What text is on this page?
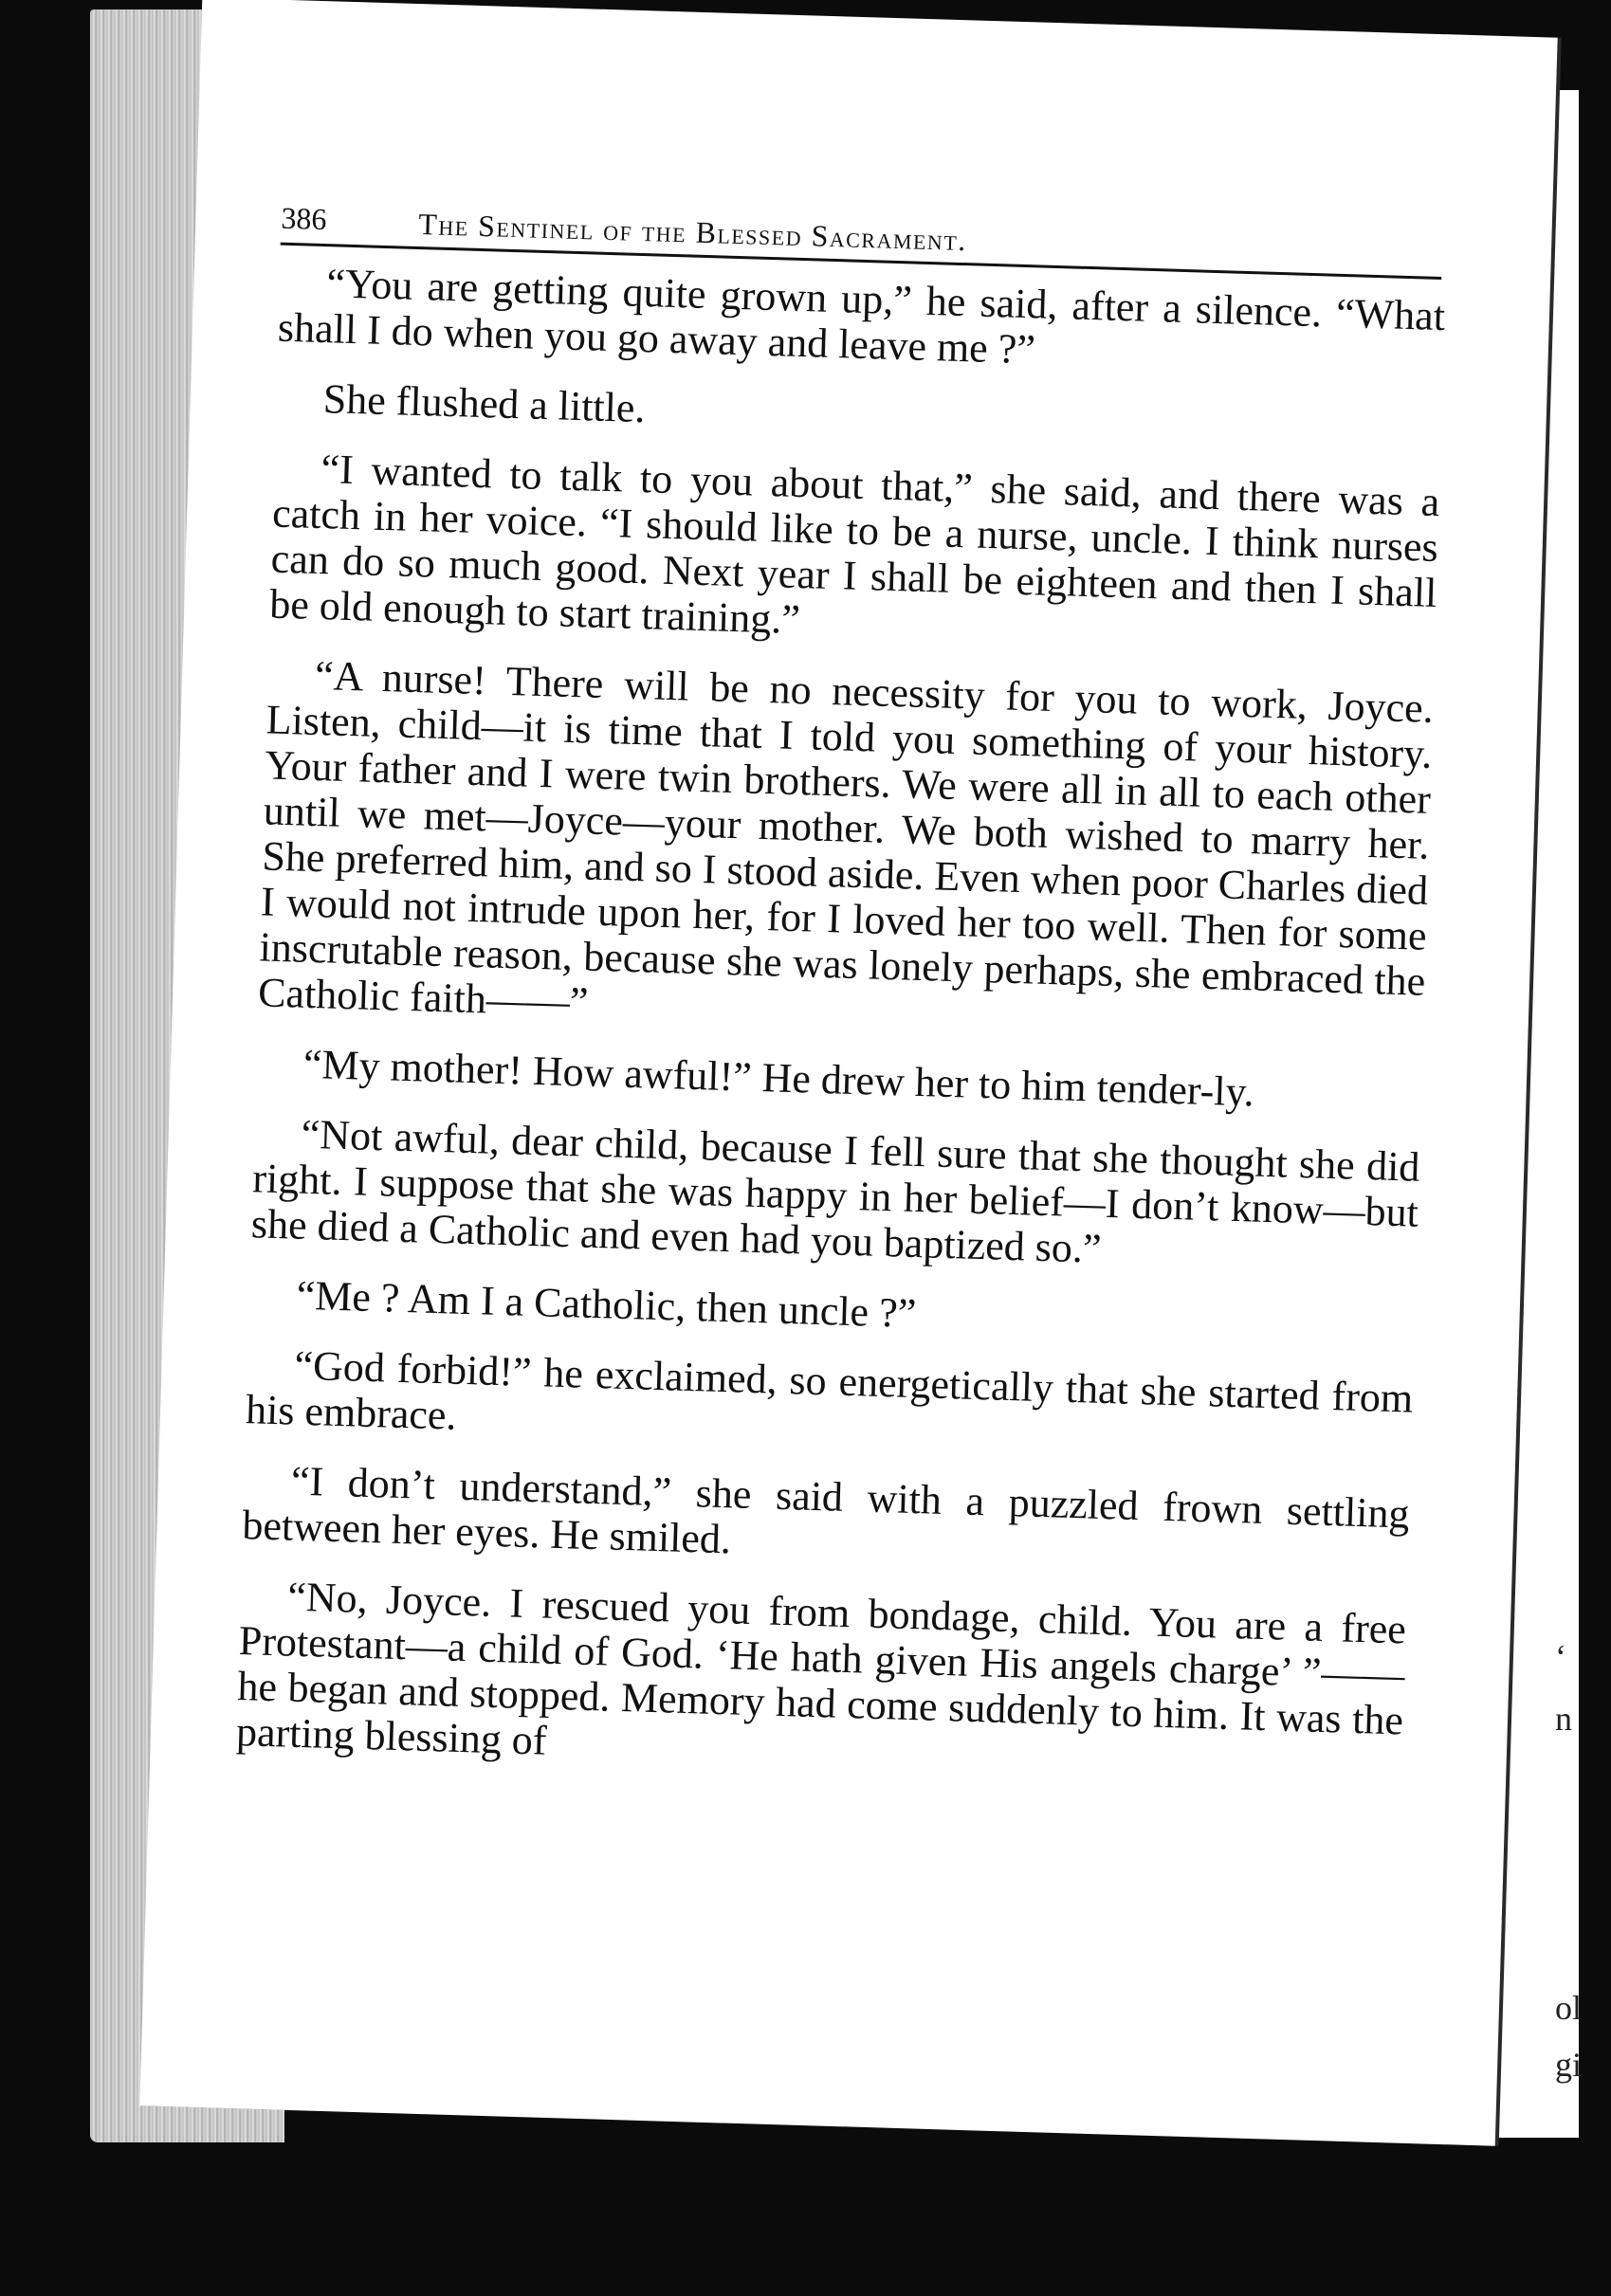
‘
n
ol
gi
386	The Sentinel of the Blessed Sacrament.

“You are getting quite grown up,” he said, after a silence. “What shall I do when you go away and leave me ?”

She flushed a little.

“I wanted to talk to you about that,” she said, and there was a catch in her voice. “I should like to be a nurse, uncle. I think nurses can do so much good. Next year I shall be eighteen and then I shall be old enough to start training.”

“A nurse! There will be no necessity for you to work, Joyce. Listen, child—it is time that I told you something of your history. Your father and I were twin brothers. We were all in all to each other until we met—Joyce—your mother. We both wished to marry her. She preferred him, and so I stood aside. Even when poor Charles died I would not intrude upon her, for I loved her too well. Then for some inscrutable reason, because she was lonely perhaps, she embraced the Catholic faith——”

“My mother! How awful!” He drew her to him tender-ly.

“Not awful, dear child, because I fell sure that she thought she did right. I suppose that she was happy in her belief—I don’t know—but she died a Catholic and even had you baptized so.”

“Me ? Am I a Catholic, then uncle ?”

“God forbid!” he exclaimed, so energetically that she started from his embrace.

“I don’t understand,” she said with a puzzled frown settling between her eyes. He smiled.

“No, Joyce. I rescued you from bondage, child. You are a free Protestant—a child of God. ‘He hath given His angels charge’ ”—— he began and stopped. Memory had come suddenly to him. It was the parting blessing of
